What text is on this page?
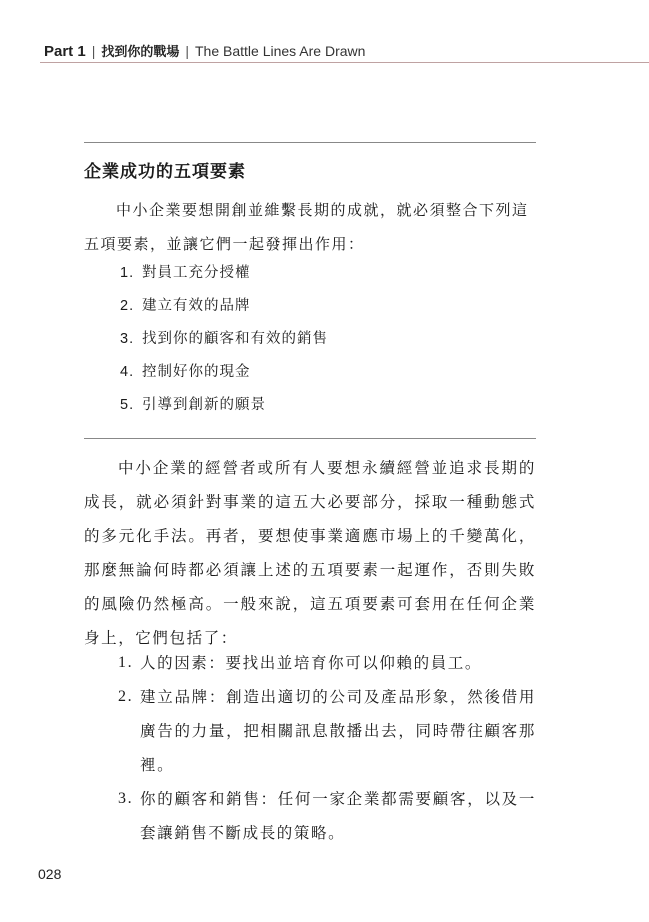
Part 1 | 找到你的戰場 | The Battle Lines Are Drawn
企業成功的五項要素

中小企業要想開創並維繫長期的成就，就必須整合下列這五項要素，並讓它們一起發揮出作用：

1. 對員工充分授權
2. 建立有效的品牌
3. 找到你的顧客和有效的銷售
4. 控制好你的現金
5. 引導到創新的願景

中小企業的經營者或所有人要想永續經營並追求長期的成長，就必須針對事業的這五大必要部分，採取一種動態式的多元化手法。再者，要想使事業適應市場上的千變萬化，那麼無論何時都必須讓上述的五項要素一起運作，否則失敗的風險仍然極高。一般來說，這五項要素可套用在任何企業身上，它們包括了：

1. 人的因素：要找出並培育你可以仰賴的員工。
2. 建立品牌：創造出適切的公司及產品形象，然後借用廣告的力量，把相關訊息散播出去，同時帶往顧客那裡。
3. 你的顧客和銷售：任何一家企業都需要顧客，以及一套讓銷售不斷成長的策略。
028
